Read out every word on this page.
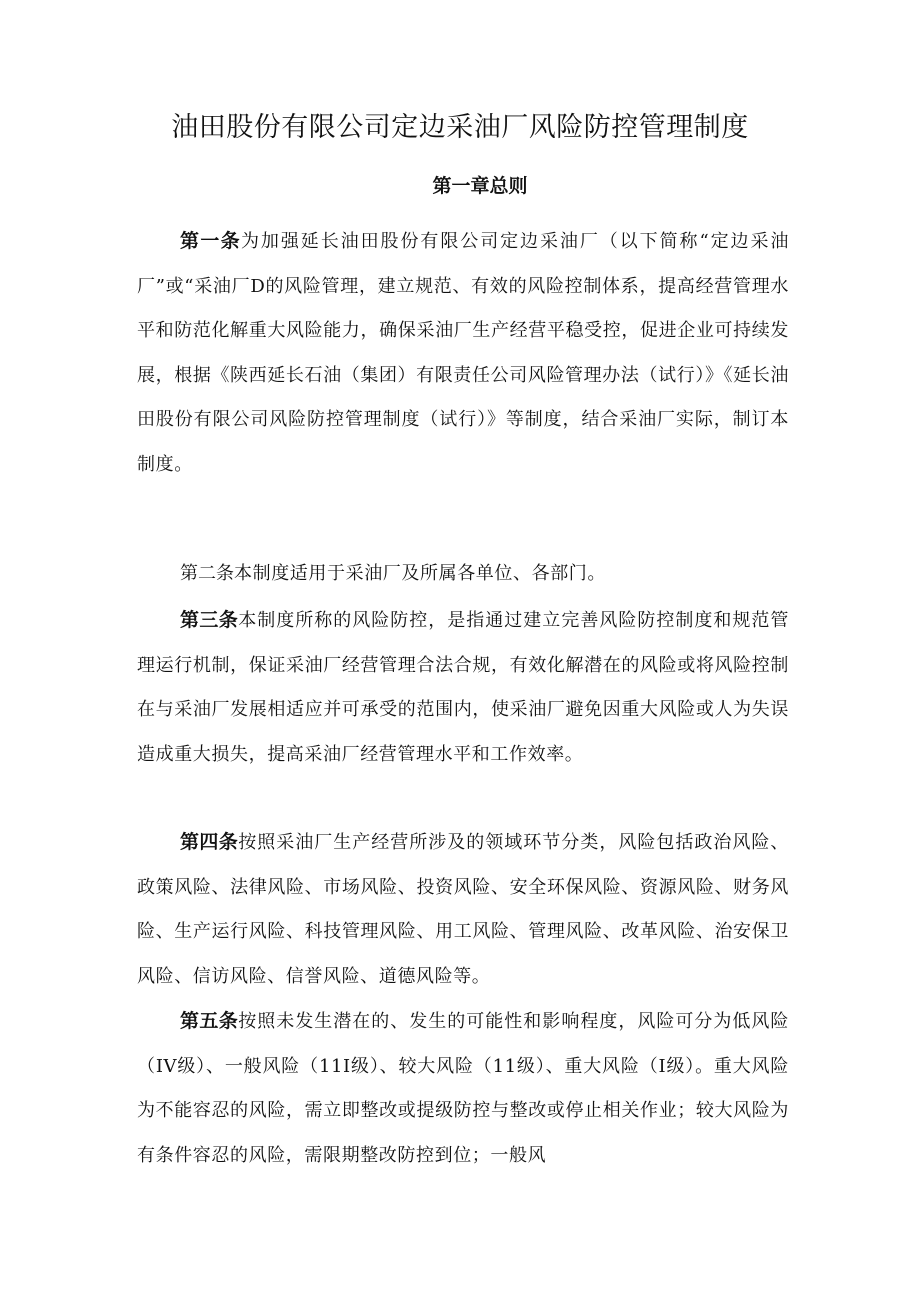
油田股份有限公司定边采油厂风险防控管理制度
第一章总则

第一条为加强延长油田股份有限公司定边采油厂（以下简称“定边采油厂”或“采油厂D的风险管理，建立规范、有效的风险控制体系，提高经营管理水平和防范化解重大风险能力，确保采油厂生产经营平稳受控，促进企业可持续发展，根据《陕西延长石油（集团）有限责任公司风险管理办法（试行）》《延长油田股份有限公司风险防控管理制度（试行）》等制度，结合采油厂实际，制订本制度。

第二条本制度适用于采油厂及所属各单位、各部门。

第三条本制度所称的风险防控，是指通过建立完善风险防控制度和规范管理运行机制，保证采油厂经营管理合法合规，有效化解潜在的风险或将风险控制在与采油厂发展相适应并可承受的范围内，使采油厂避免因重大风险或人为失误造成重大损失，提高采油厂经营管理水平和工作效率。

第四条按照采油厂生产经营所涉及的领域环节分类，风险包括政治风险、政策风险、法律风险、市场风险、投资风险、安全环保风险、资源风险、财务风险、生产运行风险、科技管理风险、用工风险、管理风险、改革风险、治安保卫风险、信访风险、信誉风险、道德风险等。

第五条按照未发生潜在的、发生的可能性和影响程度，风险可分为低风险（IV级）、一般风险（11I级）、较大风险（11级）、重大风险（I级）。重大风险为不能容忍的风险，需立即整改或提级防控与整改或停止相关作业；较大风险为有条件容忍的风险，需限期整改防控到位；一般风
